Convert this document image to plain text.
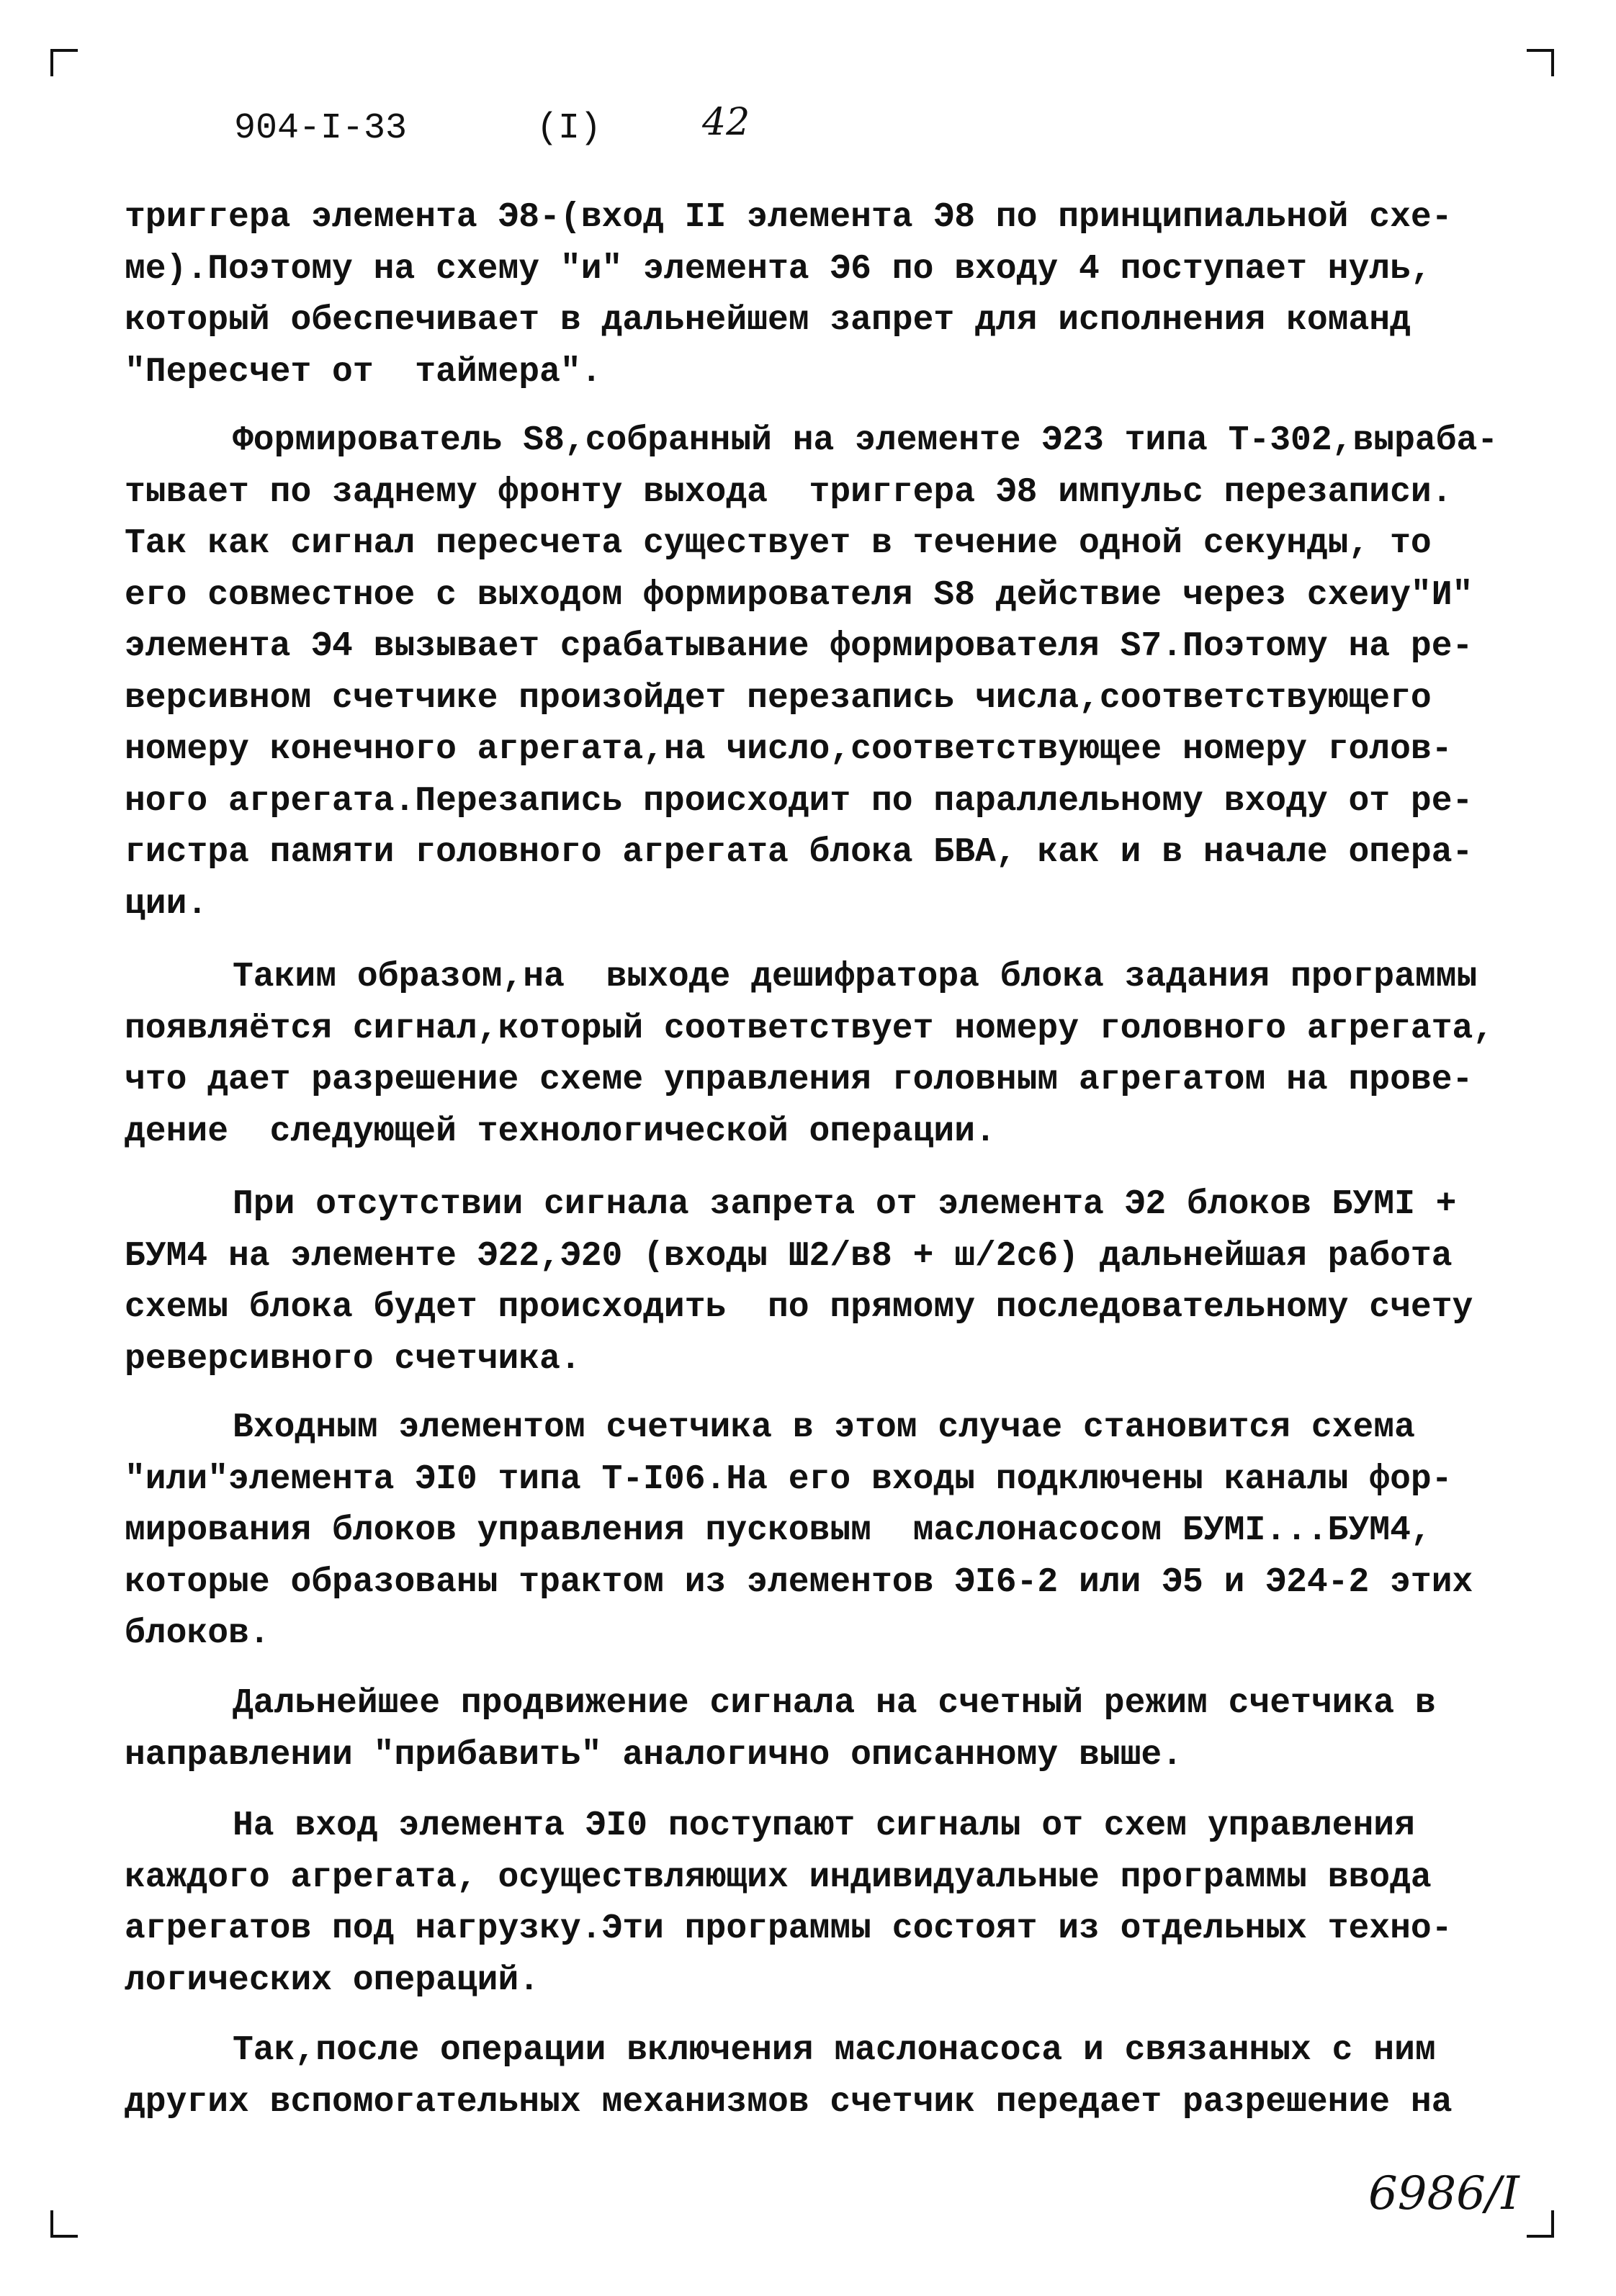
904-I-33	(I)	42
триггера элемента Э8-(вход II элемента Э8 по принципиальной схе-
ме).Поэтому на схему "и" элемента Э6 по входу 4 поступает нуль,
который обеспечивает в дальнейшем запрет для исполнения команд
"Пересчет от  таймера".
Формирователь S8,собранный на элементе Э23 типа Т-302,выраба-
тывает по заднему фронту выхода  триггера Э8 импульс перезаписи.
Так как сигнал пересчета существует в течение одной секунды, то
его совместное с выходом формирователя S8 действие через схеиу"И"
элемента Э4 вызывает срабатывание формирователя S7.Поэтому на ре-
версивном счетчике произойдет перезапись числа,соответствующего
номеру конечного агрегата,на число,соответствующее номеру голов-
ного агрегата.Перезапись происходит по параллельному входу от ре-
гистра памяти головного агрегата блока БВА, как и в начале опера-
ции.
Таким образом,на  выходе дешифратора блока задания программы
появляётся сигнал,который соответствует номеру головного агрегата,
что дает разрешение схеме управления головным агрегатом на прове-
дение  следующей технологической операции.
При отсутствии сигнала запрета от элемента Э2 блоков БУМI +
БУМ4 на элементе Э22,Э20 (входы Ш2/в8 + ш/2с6) дальнейшая работа
схемы блока будет происходить  по прямому последовательному счету
реверсивного счетчика.
Входным элементом счетчика в этом случае становится схема
"или"элемента ЭI0 типа Т-I06.На его входы подключены каналы фор-
мирования блоков управления пусковым  маслонасосом БУМI...БУМ4,
которые образованы трактом из элементов ЭI6-2 или Э5 и Э24-2 этих
блоков.
Дальнейшее продвижение сигнала на счетный режим счетчика в
направлении "прибавить" аналогично описанному выше.
На вход элемента ЭI0 поступают сигналы от схем управления
каждого агрегата, осуществляющих индивидуальные программы ввода
агрегатов под нагрузку.Эти программы состоят из отдельных техно-
логических операций.
Так,после операции включения маслонасоса и связанных с ним
других вспомогательных механизмов счетчик передает разрешение на
6986/I
